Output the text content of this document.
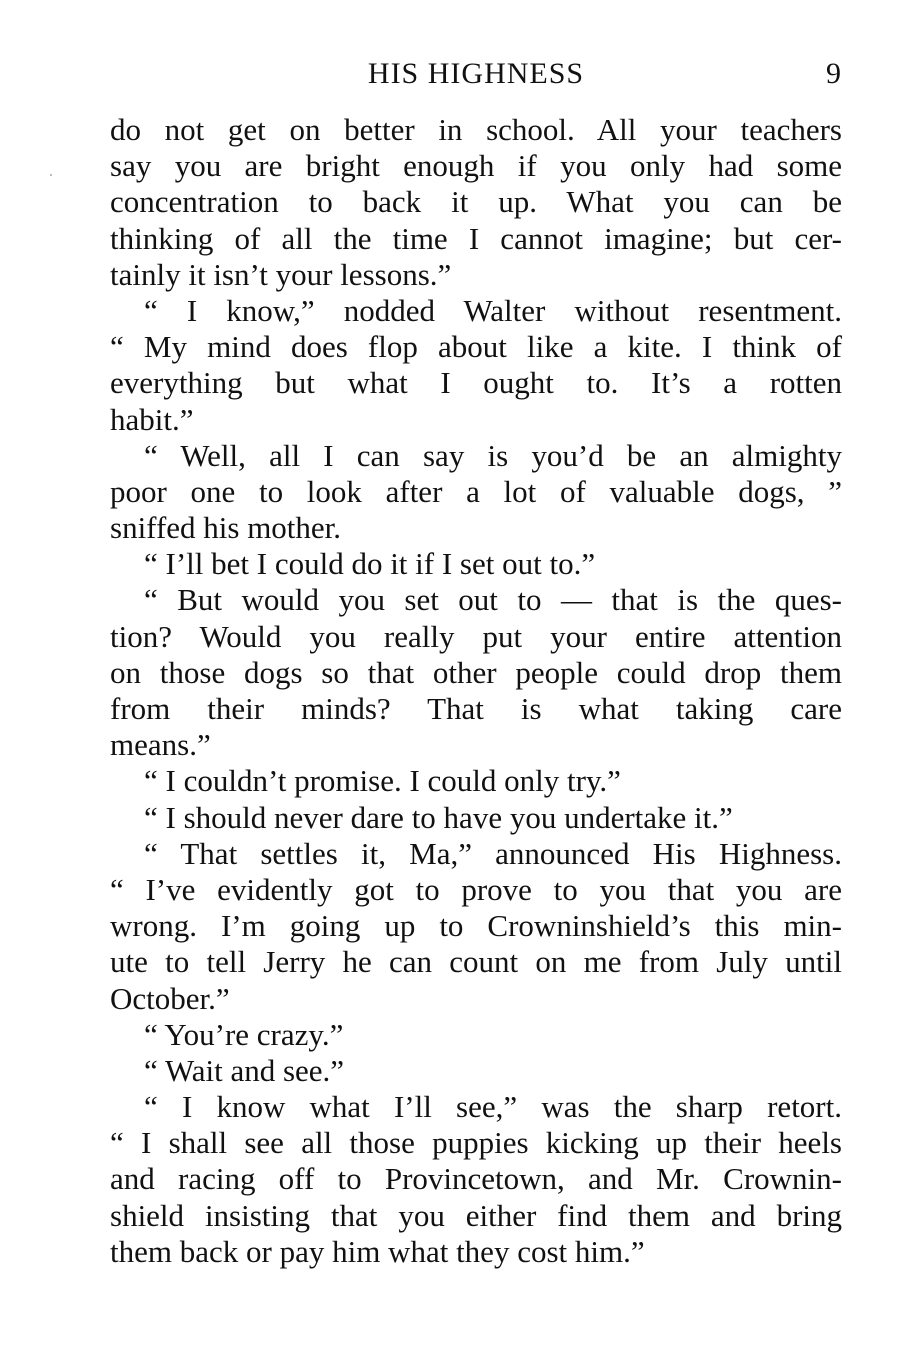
HIS HIGHNESS	9
do not get on better in school. All your teachers
say you are bright enough if you only had some
concentration to back it up. What you can be
thinking of all the time I cannot imagine; but cer-
tainly it isn’t your lessons.”
“ I know,” nodded Walter without resentment.
“ My mind does flop about like a kite. I think of
everything but what I ought to. It’s a rotten
habit.”
“ Well, all I can say is you’d be an almighty
poor one to look after a lot of valuable dogs, ”
sniffed his mother.
“ I’ll bet I could do it if I set out to.”
“ But would you set out to — that is the ques-
tion? Would you really put your entire attention
on those dogs so that other people could drop them
from their minds? That is what taking care
means.”
“ I couldn’t promise. I could only try.”
“ I should never dare to have you undertake it.”
“ That settles it, Ma,” announced His Highness.
“ I’ve evidently got to prove to you that you are
wrong. I’m going up to Crowninshield’s this min-
ute to tell Jerry he can count on me from July until
October.”
“ You’re crazy.”
“ Wait and see.”
“ I know what I’ll see,” was the sharp retort.
“ I shall see all those puppies kicking up their heels
and racing off to Provincetown, and Mr. Crownin-
shield insisting that you either find them and bring
them back or pay him what they cost him.”
